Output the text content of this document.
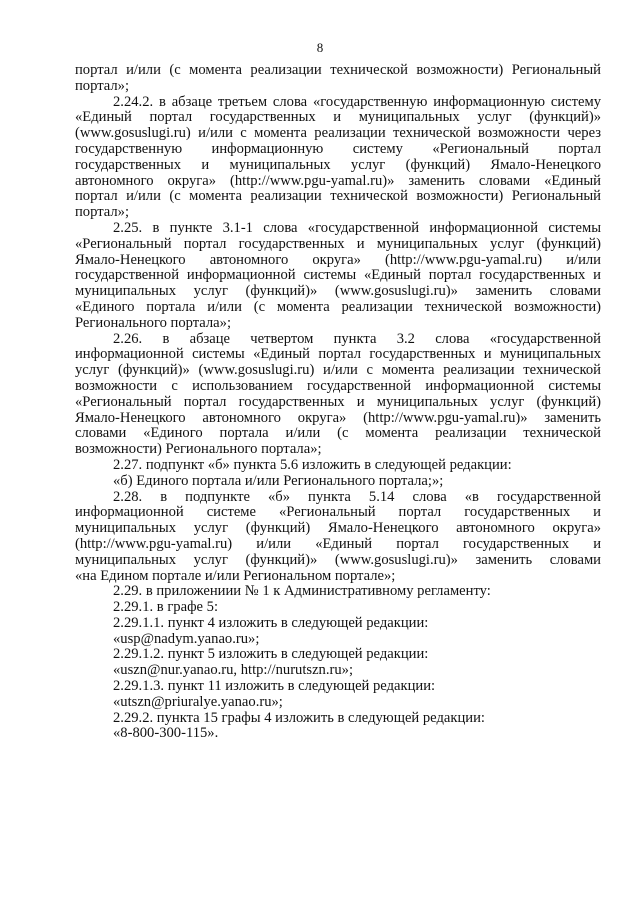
8
портал и/или (с момента реализации технической возможности) Региональный
портал»;
2.24.2. в абзаце третьем слова «государственную информационную систему
«Единый портал государственных и муниципальных услуг (функций)»
(www.gosuslugi.ru) и/или с момента реализации технической возможности через
государственную информационную систему «Региональный портал
государственных и муниципальных услуг (функций) Ямало-Ненецкого
автономного округа» (http://www.pgu-yamal.ru)» заменить словами «Единый
портал и/или (с момента реализации технической возможности) Региональный
портал»;
2.25. в пункте 3.1-1 слова «государственной информационной системы
«Региональный портал государственных и муниципальных услуг (функций)
Ямало-Ненецкого автономного округа» (http://www.pgu-yamal.ru) и/или
государственной информационной системы «Единый портал государственных и
муниципальных услуг (функций)» (www.gosuslugi.ru)» заменить словами
«Единого портала и/или (с момента реализации технической возможности)
Регионального портала»;
2.26. в абзаце четвертом пункта 3.2 слова «государственной
информационной системы «Единый портал государственных и муниципальных
услуг (функций)» (www.gosuslugi.ru) и/или с момента реализации технической
возможности с использованием государственной информационной системы
«Региональный портал государственных и муниципальных услуг (функций)
Ямало-Ненецкого автономного округа» (http://www.pgu-yamal.ru)» заменить
словами «Единого портала и/или (с момента реализации технической
возможности) Регионального портала»;
2.27. подпункт «б» пункта 5.6 изложить в следующей редакции:
«б) Единого портала и/или Регионального портала;»;
2.28. в подпункте «б» пункта 5.14 слова «в государственной
информационной системе «Региональный портал государственных и
муниципальных услуг (функций) Ямало-Ненецкого автономного округа»
(http://www.pgu-yamal.ru) и/или «Единый портал государственных и
муниципальных услуг (функций)» (www.gosuslugi.ru)» заменить словами
«на Едином портале и/или Региональном портале»;
2.29. в приложениии № 1 к Административному регламенту:
2.29.1. в графе 5:
2.29.1.1. пункт 4 изложить в следующей редакции:
«usp@nadym.yanao.ru»;
2.29.1.2. пункт 5 изложить в следующей редакции:
«uszn@nur.yanao.ru, http://nurutszn.ru»;
2.29.1.3. пункт 11 изложить в следующей редакции:
«utszn@priuralye.yanao.ru»;
2.29.2. пункта 15 графы 4 изложить в следующей редакции:
«8-800-300-115».
